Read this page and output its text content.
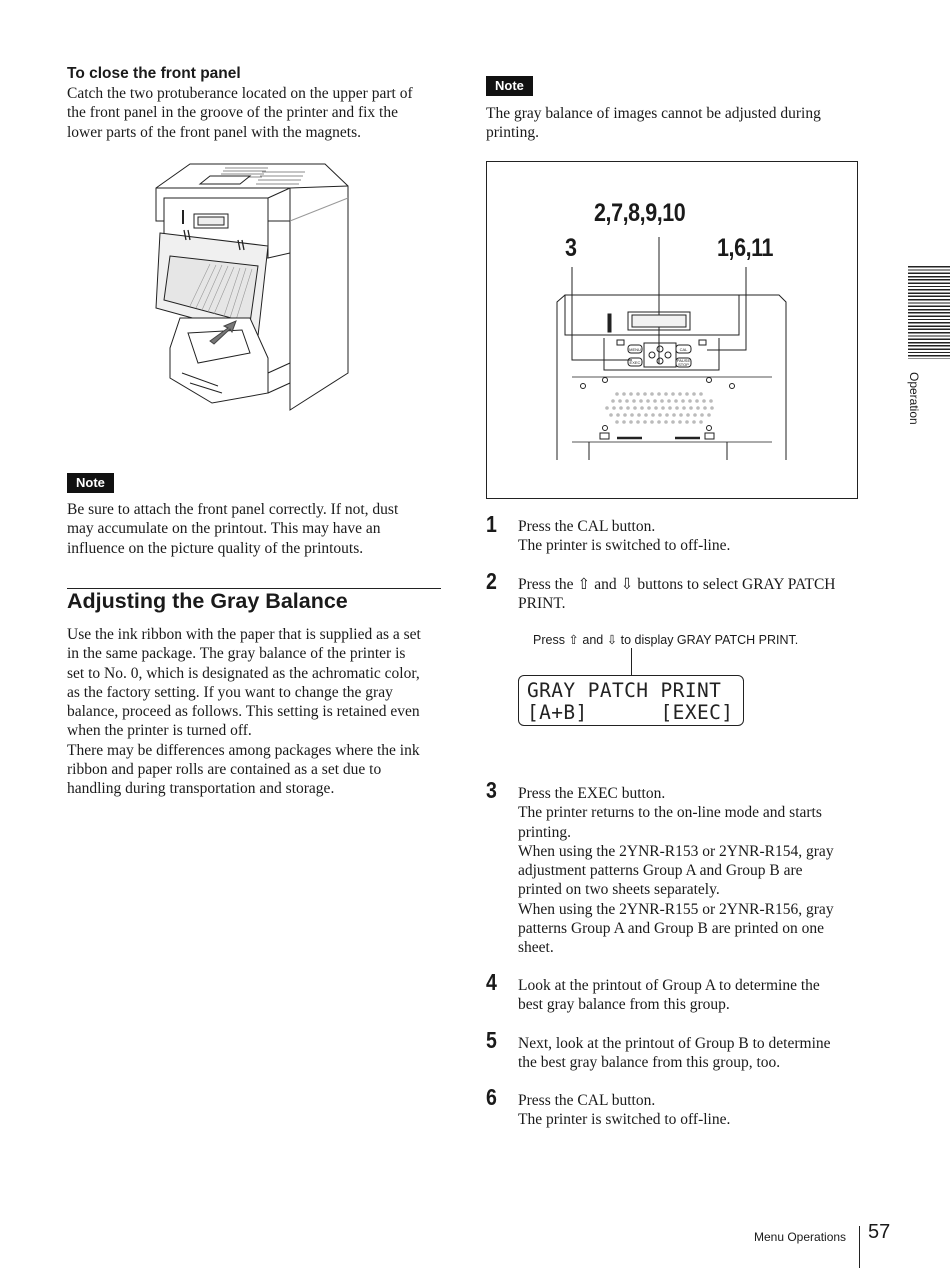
To close the front panel

Catch the two protuberance located on the upper part of

the front panel in the groove of the printer and fix the

lower parts of the front panel with the magnets.

Note

Be sure to attach the front panel correctly. If not, dust

may accumulate on the printout. This may have an

influence on the picture quality of the printouts.

Adjusting the Gray Balance

Use the ink ribbon with the paper that is supplied as a set

in the same package. The gray balance of the printer is

set to No. 0, which is designated as the achromatic color,

as the factory setting. If you want to change the gray

balance, proceed as follows. This setting is retained even

when the printer is turned off.

There may be differences among packages where the ink

ribbon and paper rolls are contained as a set due to

handling during transportation and storage.

Note

The gray balance of images cannot be adjusted during

printing.

MENU
EXEC
CAL
PAUSE
STOP
2,7,8,9,10
3	1,6,11
1 Press the CAL button.

The printer is switched to off-line.

2 Press the ⇧ and ⇩ buttons to select GRAY PATCH

PRINT.

Press ⇧ and ⇩ to display GRAY PATCH PRINT.
GRAY PATCH PRINT
[A+B]      [EXEC]
3 Press the EXEC button.

The printer returns to the on-line mode and starts

printing.

When using the 2YNR-R153 or 2YNR-R154, gray

adjustment patterns Group A and Group B are

printed on two sheets separately.

When using the 2YNR-R155 or 2YNR-R156, gray

patterns Group A and Group B are printed on one

sheet.

4 Look at the printout of Group A to determine the

best gray balance from this group.

5 Next, look at the printout of Group B to determine

the best gray balance from this group, too.

6 Press the CAL button.

The printer is switched to off-line.

Operation
Menu Operations 57
